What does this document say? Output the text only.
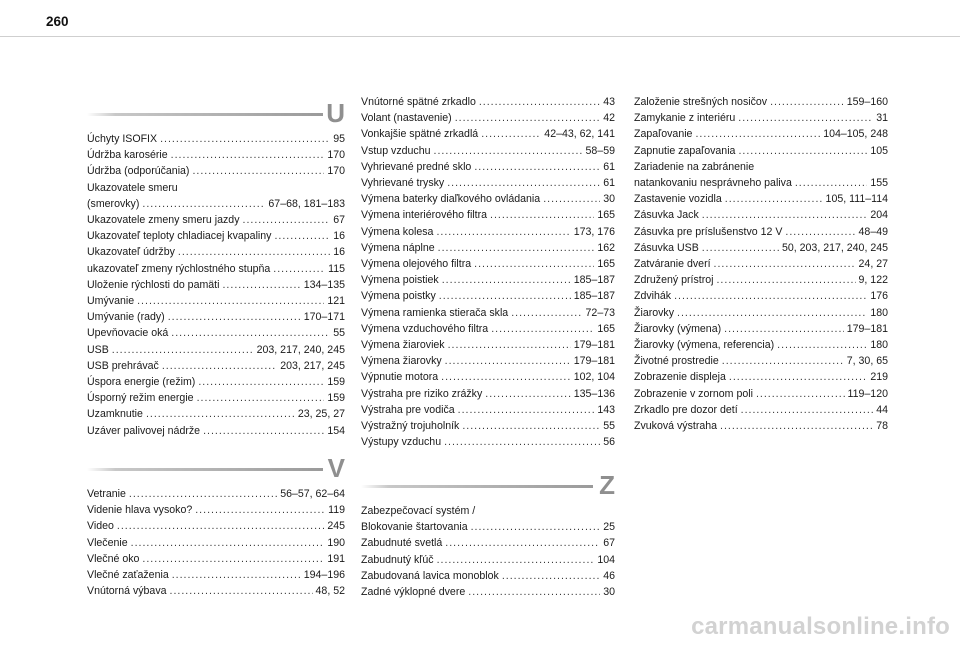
260
U
Úchyty ISOFIX .....	95
Údržba karosérie .....	170
Údržba (odporúčania) .....	170
Ukazovatele smeru
(smerovky) .....	67–68, 181–183
Ukazovatele zmeny smeru jazdy .....	67
Ukazovateľ teploty chladiacej kvapaliny .....	16
Ukazovateľ údržby .....	16
ukazovateľ zmeny rýchlostného stupňa .....	115
Uloženie rýchlosti do pamäti .....	134–135
Umývanie .....	121
Umývanie (rady) .....	170–171
Upevňovacie oká .....	55
USB .....	203, 217, 240, 245
USB prehrávač .....	203, 217, 245
Úspora energie (režim) .....	159
Úsporný režim energie .....	159
Uzamknutie .....	23, 25, 27
Uzáver palivovej nádrže .....	154
V
Vetranie .....	56–57, 62–64
Videnie hlava vysoko? .....	119
Video .....	245
Vlečenie .....	190
Vlečné oko .....	191
Vlečné zaťaženia .....	194–196
Vnútorná výbava .....	48, 52
Vnútorné spätné zrkadlo .....	43
Volant (nastavenie) .....	42
Vonkajšie spätné zrkadlá .....	42–43, 62, 141
Vstup vzduchu .....	58–59
Vyhrievané predné sklo .....	61
Vyhrievané trysky .....	61
Výmena baterky diaľkového ovládania .....	30
Výmena interiérového filtra .....	165
Výmena kolesa .....	173, 176
Výmena náplne .....	162
Výmena olejového filtra .....	165
Výmena poistiek .....	185–187
Výmena poistky .....	185–187
Výmena ramienka stierača skla .....	72–73
Výmena vzduchového filtra .....	165
Výmena žiaroviek .....	179–181
Výmena žiarovky .....	179–181
Výpnutie motora .....	102, 104
Výstraha pre riziko zrážky .....	135–136
Výstraha pre vodiča .....	143
Výstražný trojuholník .....	55
Výstupy vzduchu .....	56
Z
Zabezpečovací systém /
Blokovanie štartovania .....	25
Zabudnuté svetlá .....	67
Zabudnutý kľúč .....	104
Zabudovaná lavica monoblok .....	46
Zadné výklopné dvere .....	30
Založenie strešných nosičov .....	159–160
Zamykanie z interiéru .....	31
Zapaľovanie .....	104–105, 248
Zapnutie zapaľovania .....	105
Zariadenie na zabránenie
natankovaniu nesprávneho paliva .....	155
Zastavenie vozidla .....	105, 111–114
Zásuvka Jack .....	204
Zásuvka pre príslušenstvo 12 V .....	48–49
Zásuvka USB .....	50, 203, 217, 240, 245
Zatváranie dverí .....	24, 27
Združený prístroj .....	9, 122
Zdvihák .....	176
Žiarovky .....	180
Žiarovky (výmena) .....	179–181
Žiarovky (výmena, referencia) .....	180
Životné prostredie .....	7, 30, 65
Zobrazenie displeja .....	219
Zobrazenie v zornom poli .....	119–120
Zrkadlo pre dozor detí .....	44
Zvuková výstraha .....	78
carmanualsonline.info
